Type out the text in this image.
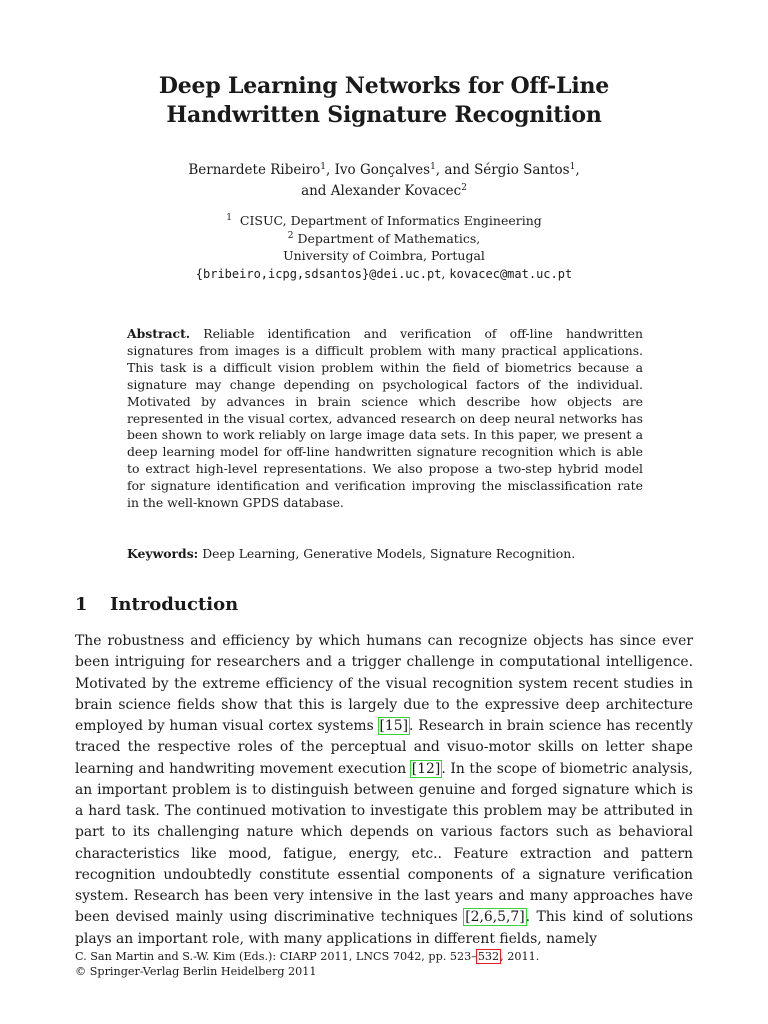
Deep Learning Networks for Off-Line
Handwritten Signature Recognition
Bernardete Ribeiro$^1$, Ivo Gonçalves$^1$, and Sérgio Santos$^1$,
and Alexander Kovacec$^2$
$^1$ CISUC, Department of Informatics Engineering
$^2$ Department of Mathematics,
University of Coimbra, Portugal
{bribeiro,icpg,sdsantos}@dei.uc.pt, kovacec@mat.uc.pt
Abstract. Reliable identification and verification of off-line handwritten signatures from images is a difficult problem with many practical applications. This task is a difficult vision problem within the field of biometrics because a signature may change depending on psychological factors of the individual. Motivated by advances in brain science which describe how objects are represented in the visual cortex, advanced research on deep neural networks has been shown to work reliably on large image data sets. In this paper, we present a deep learning model for off-line handwritten signature recognition which is able to extract high-level representations. We also propose a two-step hybrid model for signature identification and verification improving the misclassification rate in the well-known GPDS database.
Keywords: Deep Learning, Generative Models, Signature Recognition.
1 Introduction
The robustness and efficiency by which humans can recognize objects has since ever been intriguing for researchers and a trigger challenge in computational intelligence. Motivated by the extreme efficiency of the visual recognition system recent studies in brain science fields show that this is largely due to the expressive deep architecture employed by human visual cortex systems [15]. Research in brain science has recently traced the respective roles of the perceptual and visuo-motor skills on letter shape learning and handwriting movement execution [12]. In the scope of biometric analysis, an important problem is to distinguish between genuine and forged signature which is a hard task. The continued motivation to investigate this problem may be attributed in part to its challenging nature which depends on various factors such as behavioral characteristics like mood, fatigue, energy, etc.. Feature extraction and pattern recognition undoubtedly constitute essential components of a signature verification system. Research has been very intensive in the last years and many approaches have been devised mainly using discriminative techniques [2,6,5,7]. This kind of solutions plays an important role, with many applications in different fields, namely
C. San Martin and S.-W. Kim (Eds.): CIARP 2011, LNCS 7042, pp. 523–532, 2011.
© Springer-Verlag Berlin Heidelberg 2011
